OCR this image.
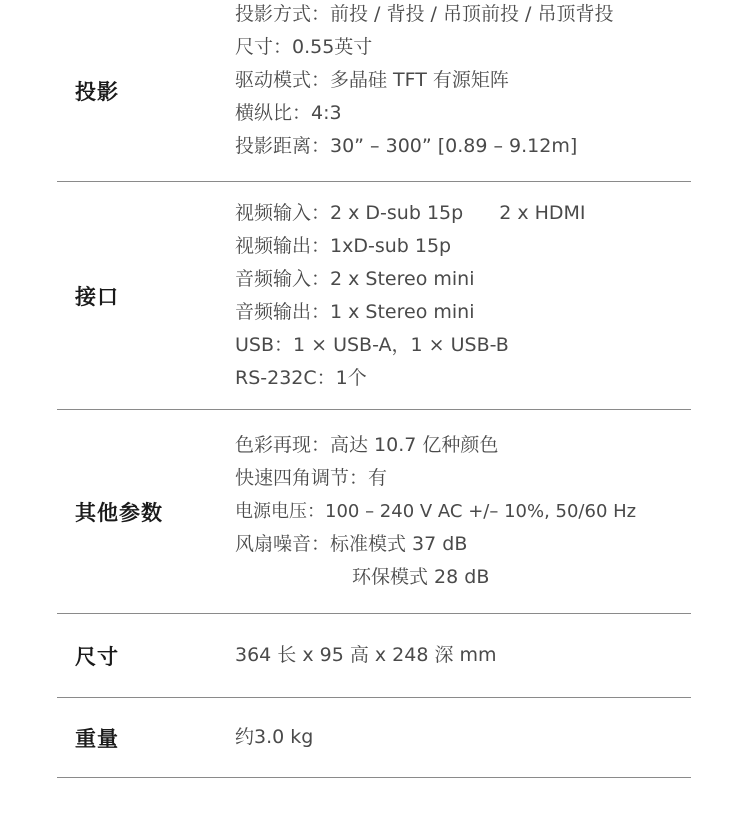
投影
投影方式：前投 / 背投 / 吊顶前投 / 吊顶背投
尺寸：0.55英寸
驱动模式：多晶硅 TFT 有源矩阵
横纵比：4:3
投影距离：30” – 300” [0.89 – 9.12m]
接口
视频输入：2 x D-sub 15p 2 x HDMI
视频输出：1xD-sub 15p
音频输入：2 x Stereo mini
音频输出：1 x Stereo mini
USB：1 × USB-A，1 × USB-B
RS-232C：1个
其他参数
色彩再现：高达 10.7 亿种颜色
快速四角调节：有
电源电压：100 – 240 V AC +/– 10%, 50/60 Hz
风扇噪音：标准模式 37 dB
环保模式 28 dB
尺寸	364 长 x 95 高 x 248 深 mm
重量	约3.0 kg
